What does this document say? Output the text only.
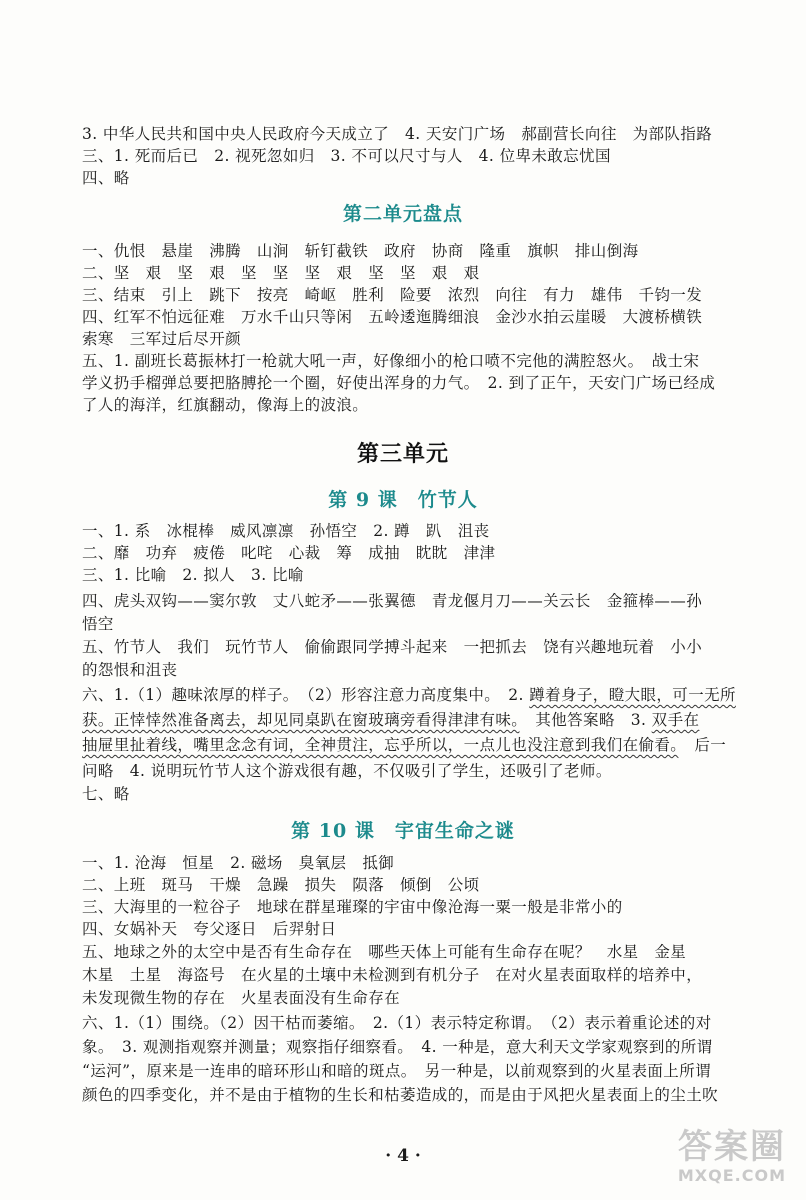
3. 中华人民共和国中央人民政府今天成立了　4. 天安门广场　郝副营长向往　为部队指路
三、1. 死而后已　2. 视死忽如归　3. 不可以尺寸与人　4. 位卑未敢忘忧国
四、略
第二单元盘点
一、仇恨　悬崖　沸腾　山涧　斩钉截铁　政府　协商　隆重　旗帜　排山倒海
二、坚　艰　坚　艰　坚　坚　坚　艰　坚　坚　艰　艰
三、结束　引上　跳下　按亮　崎岖　胜利　险要　浓烈　向往　有力　雄伟　千钧一发
四、红军不怕远征难　万水千山只等闲　五岭逶迤腾细浪　金沙水拍云崖暖　大渡桥横铁
索寒　三军过后尽开颜
五、1. 副班长葛振林打一枪就大吼一声，好像细小的枪口喷不完他的满腔怒火。　战士宋
学义扔手榴弹总要把胳膊抡一个圈，好使出浑身的力气。　2. 到了正午，天安门广场已经成
了人的海洋，红旗翻动，像海上的波浪。
第三单元
第 9 课　竹节人
一、1. 系　冰棍棒　威风凛凛　孙悟空　2. 蹲　趴　沮丧
二、靡　功弃　疲倦　叱咤　心裁　筹　成抽　眈眈　津津
三、1. 比喻　2. 拟人　3. 比喻
四、虎头双钩——窦尔敦　丈八蛇矛——张翼德　青龙偃月刀——关云长　金箍棒——孙
悟空
五、竹节人　我们　玩竹节人　偷偷跟同学搏斗起来　一把抓去　饶有兴趣地玩着　小小
的怨恨和沮丧
六、1.（1）趣味浓厚的样子。　（2）形容注意力高度集中。　2. 蹲着身子，瞪大眼，可一无所
获。正悻悻然准备离去，却见同桌趴在窗玻璃旁看得津津有味。　其他答案略　3. 双手在
抽屉里扯着线，嘴里念念有词，全神贯注，忘乎所以，一点儿也没注意到我们在偷看。　后一
问略　4. 说明玩竹节人这个游戏很有趣，不仅吸引了学生，还吸引了老师。
七、略
第 10 课　宇宙生命之谜
一、1. 沧海　恒星　2. 磁场　臭氧层　抵御
二、上班　斑马　干燥　急躁　损失　陨落　倾倒　公顷
三、大海里的一粒谷子　地球在群星璀璨的宇宙中像沧海一粟一般是非常小的
四、女娲补天　夸父逐日　后羿射日
五、地球之外的太空中是否有生命存在　哪些天体上可能有生命存在呢？　水星　金星
木星　土星　海盗号　在火星的土壤中未检测到有机分子　在对火星表面取样的培养中，
未发现微生物的存在　火星表面没有生命存在
六、1.（1）围绕。（2）因干枯而萎缩。　2.（1）表示特定称谓。　（2）表示着重论述的对
象。　3. 观测指观察并测量；观察指仔细察看。　4. 一种是，意大利天文学家观察到的所谓
“运河”，原来是一连串的暗环形山和暗的斑点。　另一种是，以前观察到的火星表面上所谓
颜色的四季变化，并不是由于植物的生长和枯萎造成的，而是由于风把火星表面上的尘土吹
· 4 ·	答案圈
MXQE.COM
